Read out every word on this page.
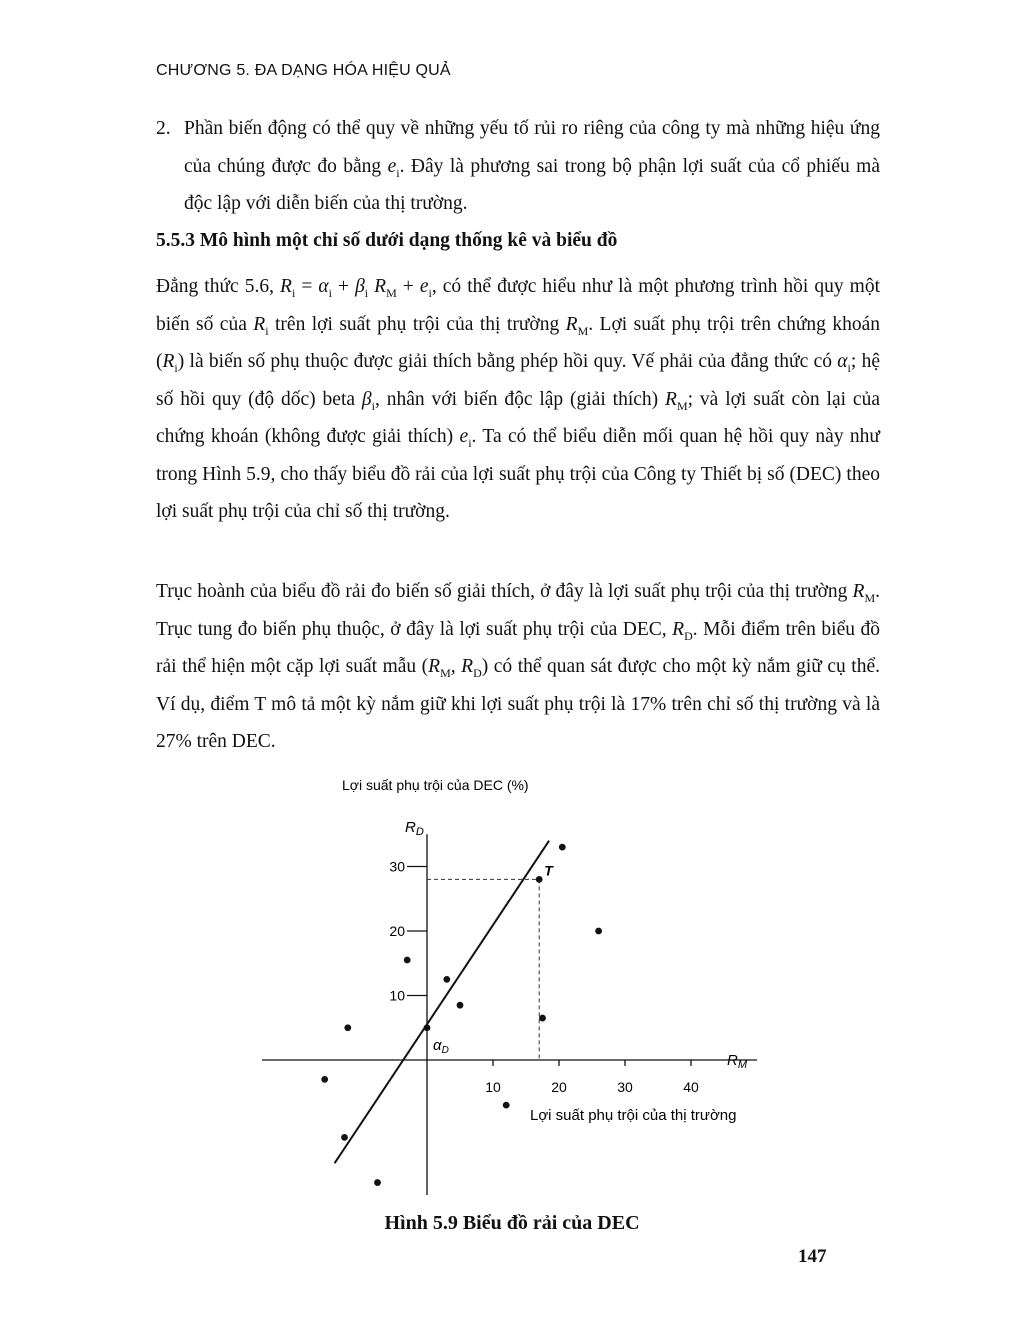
CHƯƠNG 5. ĐA DẠNG HÓA HIỆU QUẢ
2. Phần biến động có thể quy về những yếu tố rủi ro riêng của công ty mà những hiệu ứng của chúng được đo bằng $e_i$. Đây là phương sai trong bộ phận lợi suất của cổ phiếu mà độc lập với diễn biến của thị trường.
5.5.3 Mô hình một chỉ số dưới dạng thống kê và biểu đồ
Đẳng thức 5.6, $R_i = \alpha_i + \beta_i$ $R_M + e_i$, có thể được hiểu như là một phương trình hồi quy một biến số của $R_i$ trên lợi suất phụ trội của thị trường $R_M$. Lợi suất phụ trội trên chứng khoán $(R_i)$ là biến số phụ thuộc được giải thích bằng phép hồi quy. Vế phải của đẳng thức có $\alpha_i$; hệ số hồi quy (độ dốc) beta $\beta_i$, nhân với biến độc lập (giải thích) $R_M$; và lợi suất còn lại của chứng khoán (không được giải thích) $e_i$. Ta có thể biểu diễn mối quan hệ hồi quy này như trong Hình 5.9, cho thấy biểu đồ rải của lợi suất phụ trội của Công ty Thiết bị số (DEC) theo lợi suất phụ trội của chỉ số thị trường.
Trục hoành của biểu đồ rải đo biến số giải thích, ở đây là lợi suất phụ trội của thị trường $R_M$. Trục tung đo biến phụ thuộc, ở đây là lợi suất phụ trội của DEC, $R_D$. Mỗi điểm trên biểu đồ rải thể hiện một cặp lợi suất mẫu ($R_M$, $R_D$) có thể quan sát được cho một kỳ nắm giữ cụ thể. Ví dụ, điểm T mô tả một kỳ nắm giữ khi lợi suất phụ trội là 17% trên chỉ số thị trường và là 27% trên DEC.
Lợi suất phụ trội của DEC (%)
10
20
30
10	20	30	40
T
$\alpha_D$
$R_D$
$R_M$
Lợi suất phụ trội của thị trường
Hình 5.9 Biểu đồ rải của DEC
147
